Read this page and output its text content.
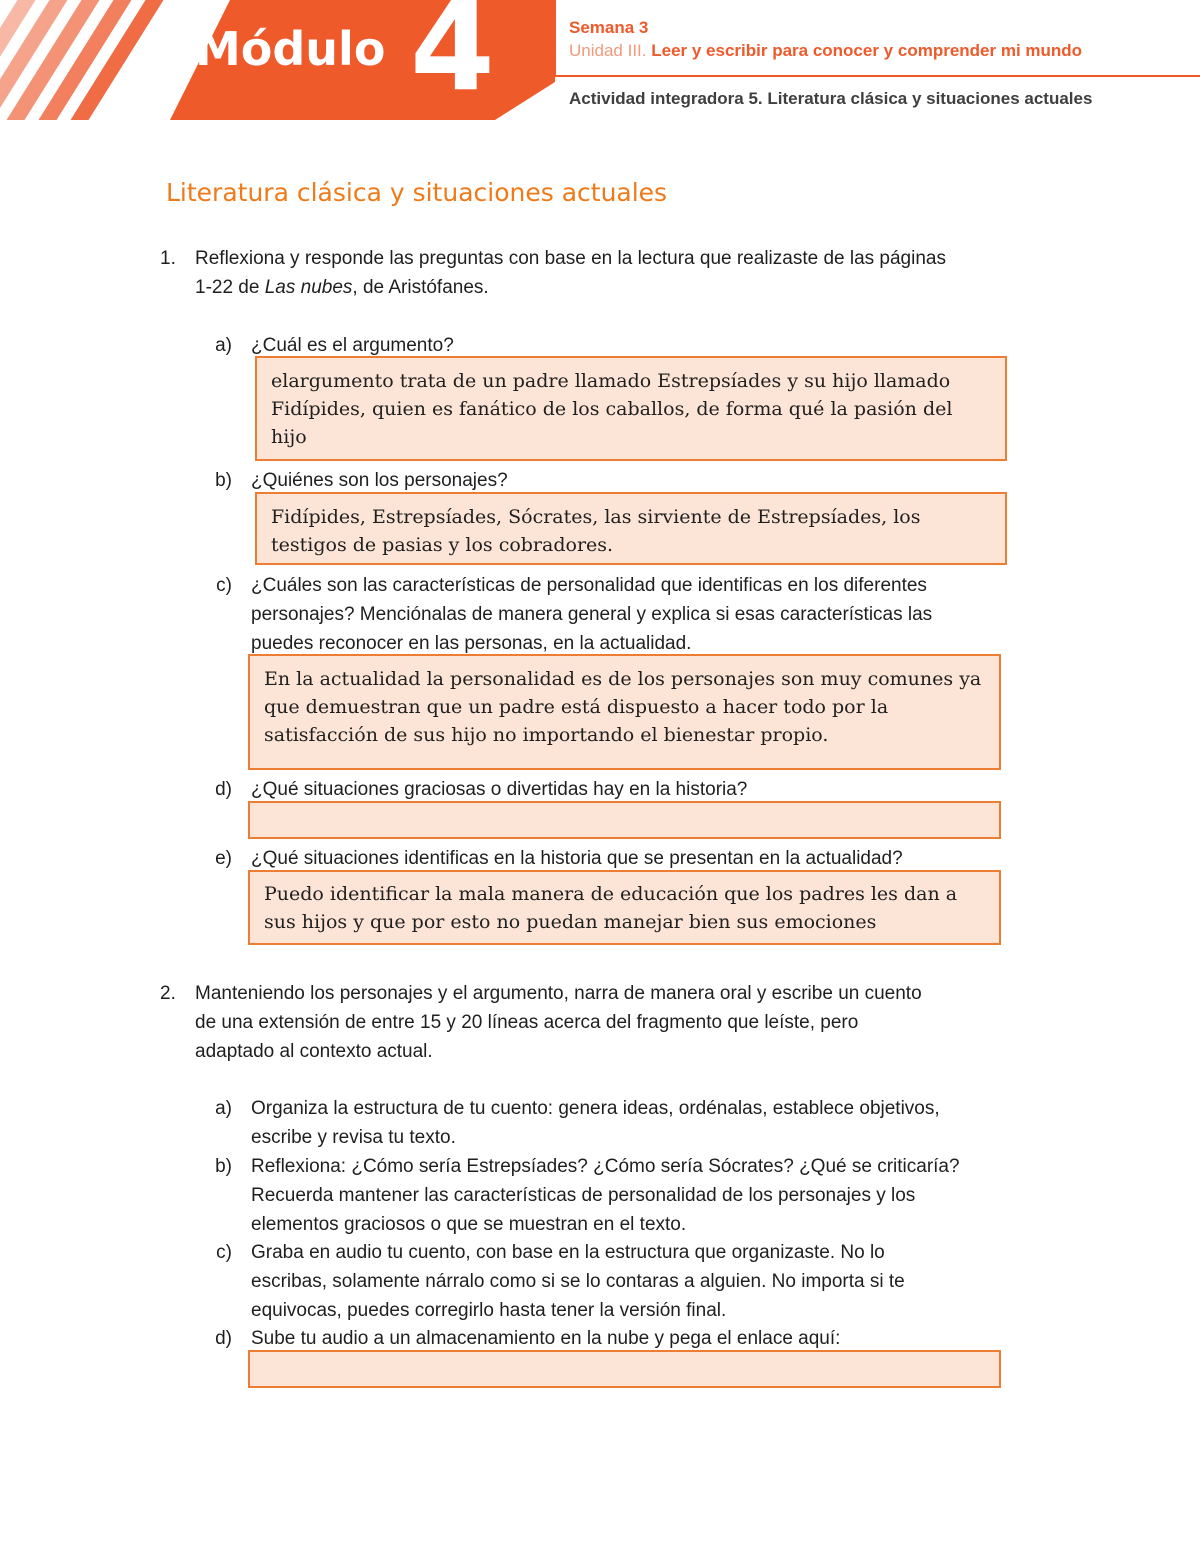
Módulo 4	Semana 3
Unidad III. Leer y escribir para conocer y comprender mi mundo
Actividad integradora 5. Literatura clásica y situaciones actuales
Literatura clásica y situaciones actuales
1. Reflexiona y responde las preguntas con base en la lectura que realizaste de las páginas
1-22 de Las nubes, de Aristófanes.
a) ¿Cuál es el argumento?
elargumento trata de un padre llamado Estrepsíades y su hijo llamado Fidípides, quien es fanático de los caballos, de forma qué la pasión del hijo
b) ¿Quiénes son los personajes?
Fidípides, Estrepsíades, Sócrates, las sirviente de Estrepsíades, los testigos de pasias y los cobradores.
c) ¿Cuáles son las características de personalidad que identificas en los diferentes
personajes? Menciónalas de manera general y explica si esas características las
puedes reconocer en las personas, en la actualidad.
En la actualidad la personalidad es de los personajes son muy comunes ya que demuestran que un padre está dispuesto a hacer todo por la satisfacción de sus hijo no importando el bienestar propio.
d) ¿Qué situaciones graciosas o divertidas hay en la historia?
e) ¿Qué situaciones identificas en la historia que se presentan en la actualidad?
Puedo identificar la mala manera de educación que los padres les dan a sus hijos y que por esto no puedan manejar bien sus emociones
2. Manteniendo los personajes y el argumento, narra de manera oral y escribe un cuento
de una extensión de entre 15 y 20 líneas acerca del fragmento que leíste, pero
adaptado al contexto actual.
a) Organiza la estructura de tu cuento: genera ideas, ordénalas, establece objetivos,
escribe y revisa tu texto.
b) Reflexiona: ¿Cómo sería Estrepsíades? ¿Cómo sería Sócrates? ¿Qué se criticaría?
Recuerda mantener las características de personalidad de los personajes y los
elementos graciosos o que se muestran en el texto.
c) Graba en audio tu cuento, con base en la estructura que organizaste. No lo
escribas, solamente nárralo como si se lo contaras a alguien. No importa si te
equivocas, puedes corregirlo hasta tener la versión final.
d) Sube tu audio a un almacenamiento en la nube y pega el enlace aquí:
